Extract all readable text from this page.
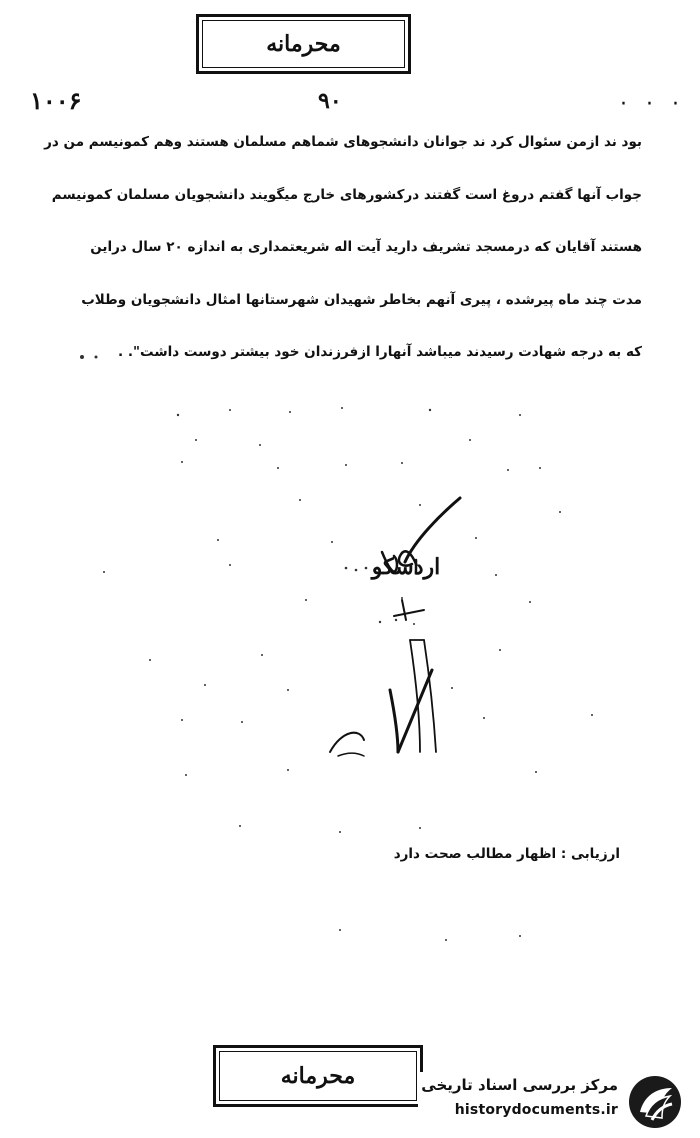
محرمانه
۱۰۰۶	۹۰	· · ·
بود ند ازمن سئوال کرد ند جوانان دانشجوهای شماهم مسلمان هستند وهم کمونیسم من در
جواب آنها گفتم دروغ است گفتند درکشورهای خارج میگویند دانشجویان مسلمان کمونیسم
هستند آقایان که درمسجد تشریف دارید آیت اله شریعتمداری به اندازه ۲۰ سال دراین
مدت چند ماه پیرشده ، پیری آنهم بخاطر شهیدان شهرستانها امثال دانشجویان وطلاب
که به درجه شهادت رسیدند میباشد آنهارا ازفرزندان خود بیشتر دوست داشت". .
اردسکو
ارزیابی : اظهار مطالب صحت دارد
محرمانه	مرکز بررسی اسناد تاریخی
historydocuments.ir
